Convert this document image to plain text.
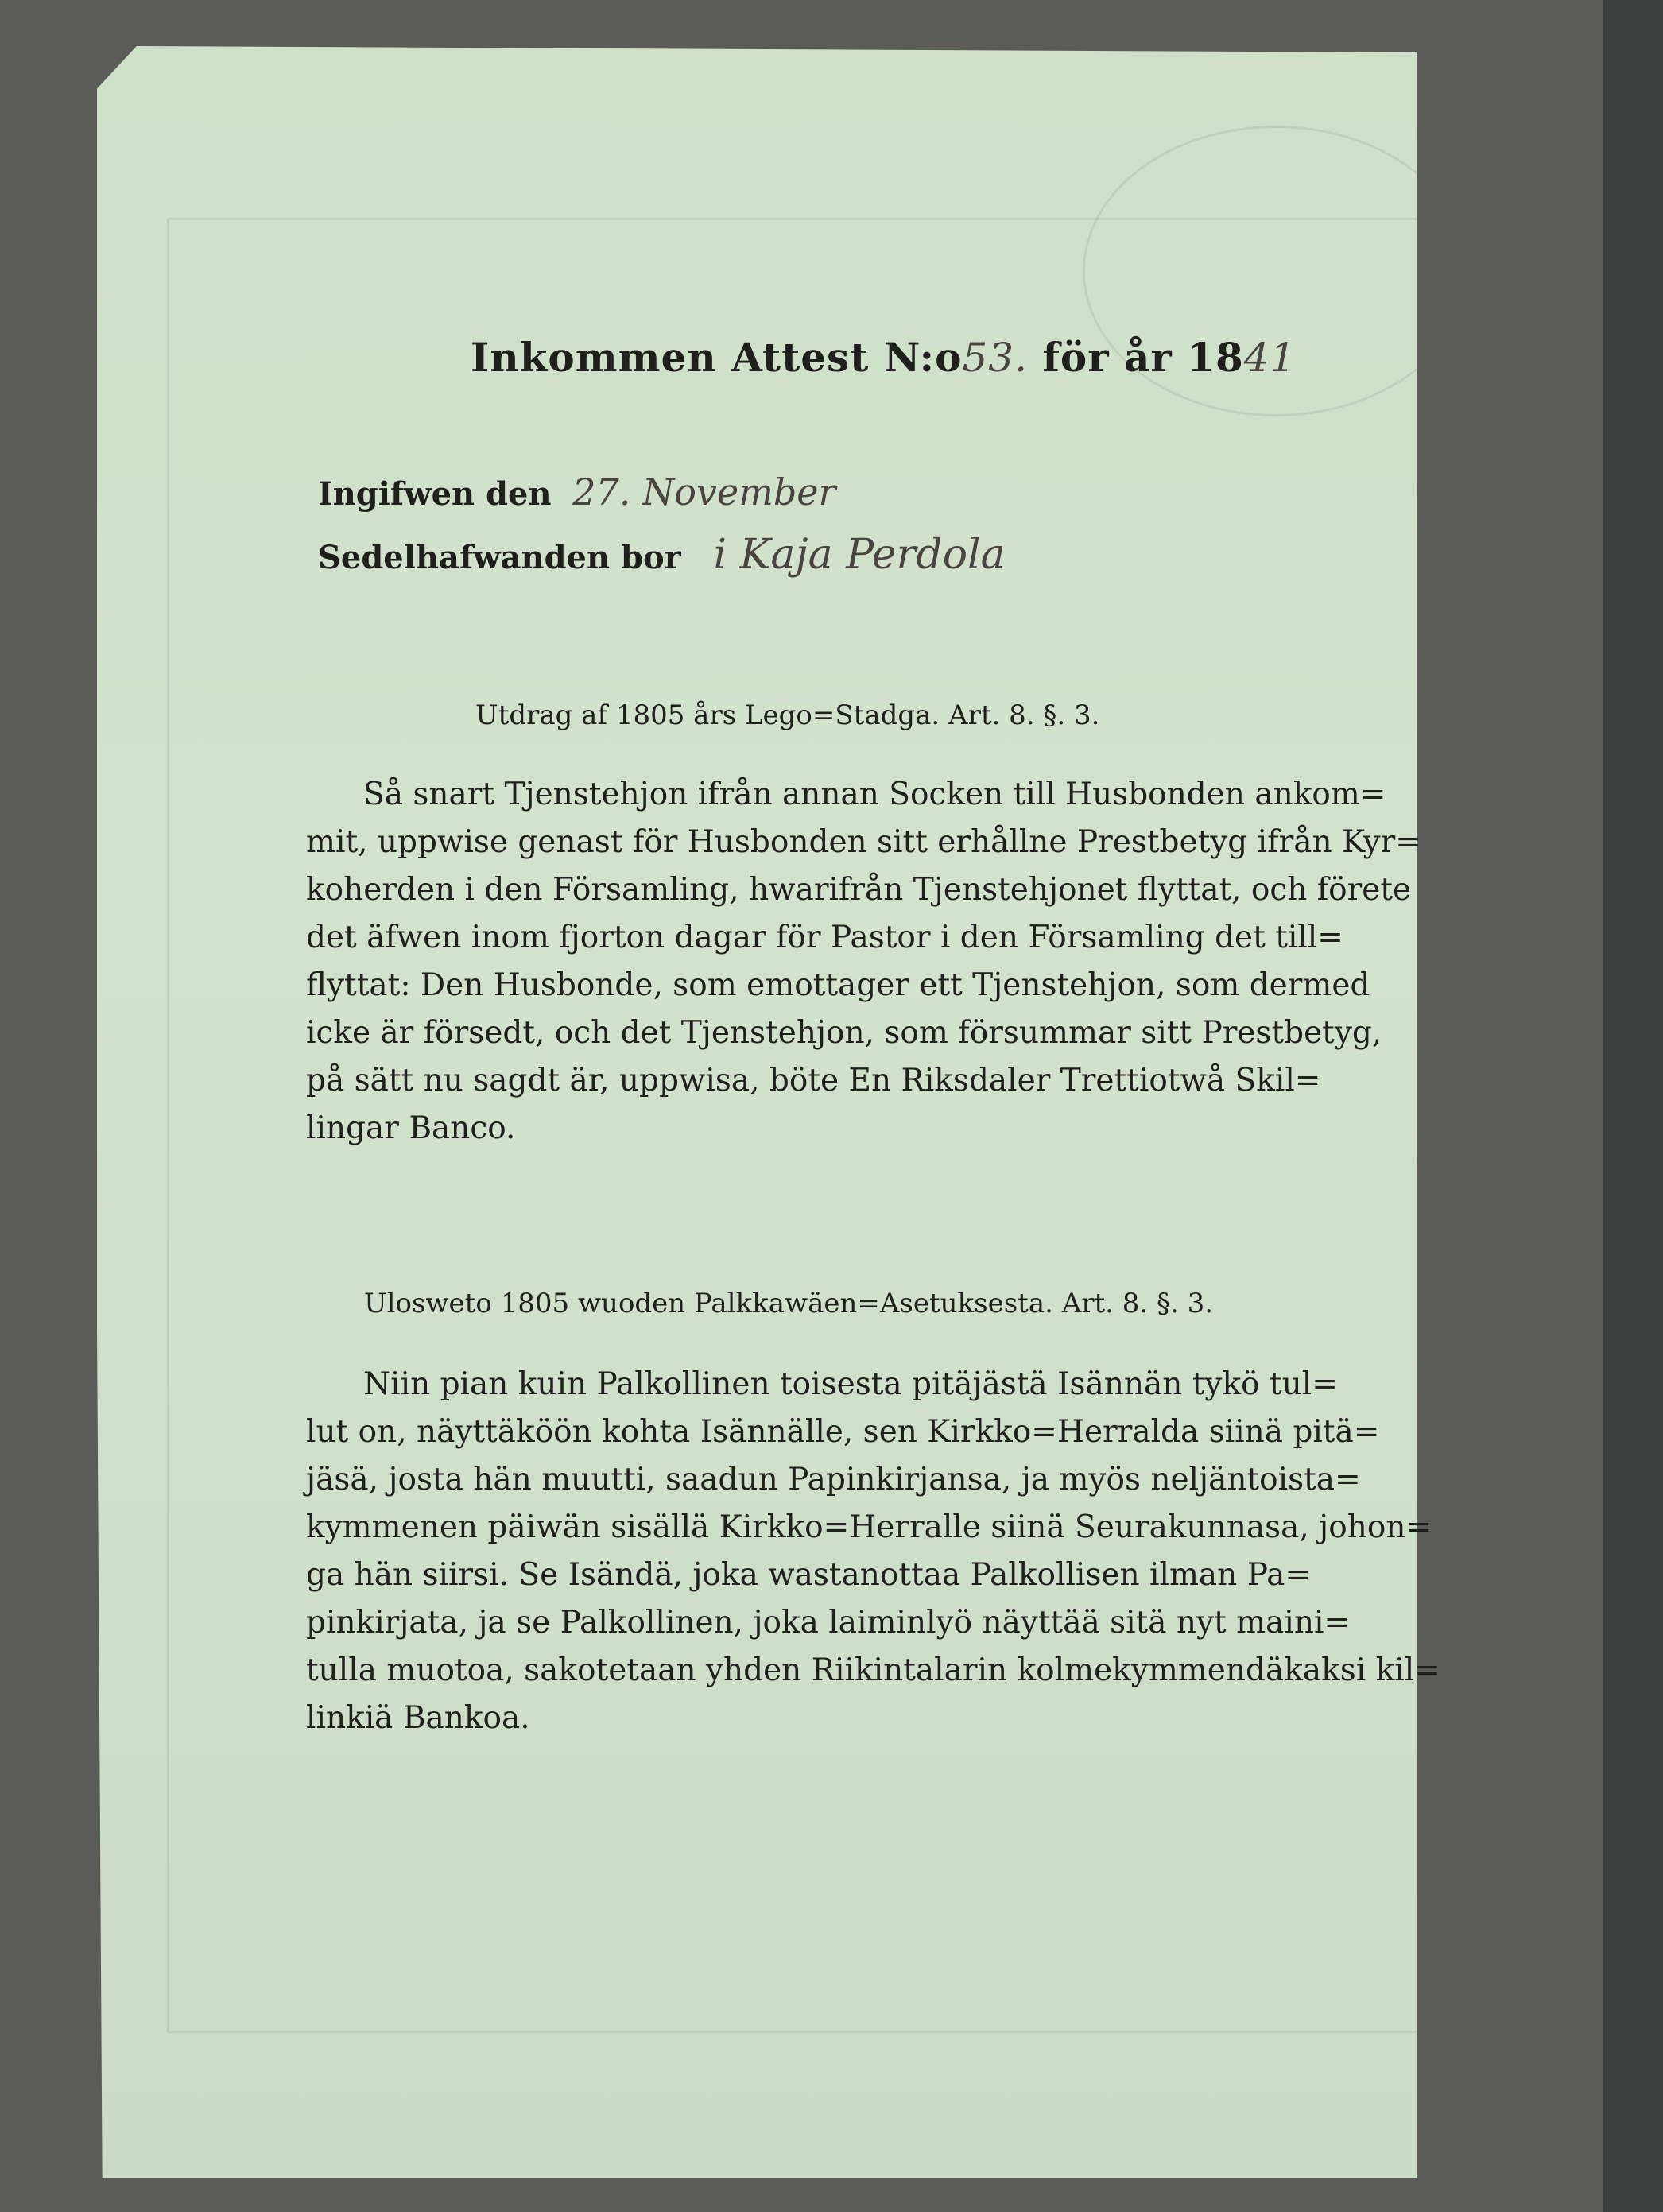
Inkommen Attest N:o53. för år 1841
Ingifwen den 27. November
Sedelhafwanden bor i Kaja Perdola
Utdrag af 1805 års Lego=Stadga. Art. 8. §. 3.
Så snart Tjenstehjon ifrån annan Socken till Husbonden ankom=
mit, uppwise genast för Husbonden sitt erhållne Prestbetyg ifrån Kyr=
koherden i den Församling, hwarifrån Tjenstehjonet flyttat, och förete
det äfwen inom fjorton dagar för Pastor i den Församling det till=
flyttat: Den Husbonde, som emottager ett Tjenstehjon, som dermed
icke är försedt, och det Tjenstehjon, som försummar sitt Prestbetyg,
på sätt nu sagdt är, uppwisa, böte En Riksdaler Trettiotwå Skil=
lingar Banco.
Ulosweto 1805 wuoden Palkkawäen=Asetuksesta. Art. 8. §. 3.
Niin pian kuin Palkollinen toisesta pitäjästä Isännän tykö tul=
lut on, näyttäköön kohta Isännälle, sen Kirkko=Herralda siinä pitä=
jäsä, josta hän muutti, saadun Papinkirjansa, ja myös neljäntoista=
kymmenen päiwän sisällä Kirkko=Herralle siinä Seurakunnasa, johon=
ga hän siirsi. Se Isändä, joka wastanottaa Palkollisen ilman Pa=
pinkirjata, ja se Palkollinen, joka laiminlyö näyttää sitä nyt maini=
tulla muotoa, sakotetaan yhden Riikintalarin kolmekymmendäkaksi kil=
linkiä Bankoa.
